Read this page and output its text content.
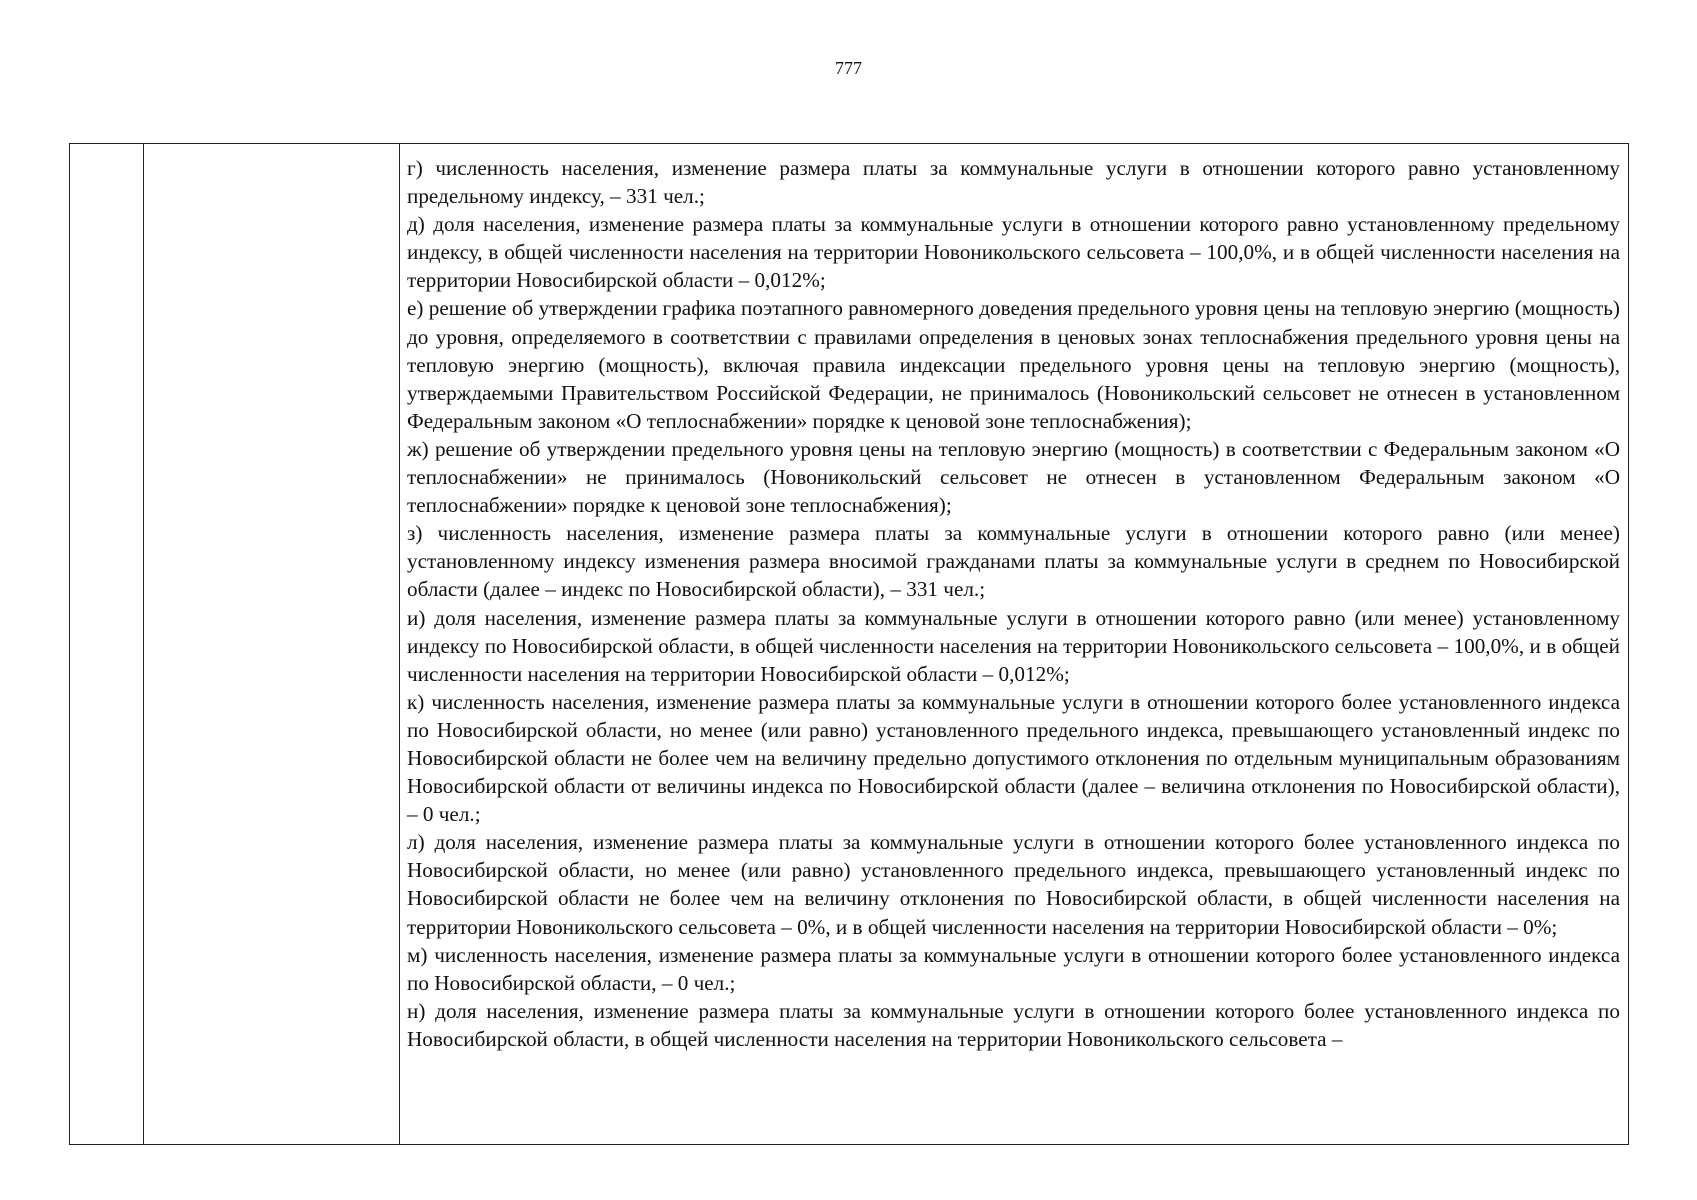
777

г) численность населения, изменение размера платы за коммунальные услуги в отношении которого равно установленному предельному индексу, – 331 чел.;

д) доля населения, изменение размера платы за коммунальные услуги в отношении которого равно установленному предельному индексу, в общей численности населения на территории Новоникольского сельсовета – 100,0%, и в общей численности населения на территории Новосибирской области – 0,012%;

е) решение об утверждении графика поэтапного равномерного доведения предельного уровня цены на тепловую энергию (мощность) до уровня, определяемого в соответствии с правилами определения в ценовых зонах теплоснабжения предельного уровня цены на тепловую энергию (мощность), включая правила индексации предельного уровня цены на тепловую энергию (мощность), утверждаемыми Правительством Российской Федерации, не принималось (Новоникольский сельсовет не отнесен в установленном Федеральным законом «О теплоснабжении» порядке к ценовой зоне теплоснабжения);

ж) решение об утверждении предельного уровня цены на тепловую энергию (мощность) в соответствии с Федеральным законом «О теплоснабжении» не принималось (Новоникольский сельсовет не отнесен в установленном Федеральным законом «О теплоснабжении» порядке к ценовой зоне теплоснабжения);

з) численность населения, изменение размера платы за коммунальные услуги в отношении которого равно (или менее) установленному индексу изменения размера вносимой гражданами платы за коммунальные услуги в среднем по Новосибирской области (далее – индекс по Новосибирской области), – 331 чел.;

и) доля населения, изменение размера платы за коммунальные услуги в отношении которого равно (или менее) установленному индексу по Новосибирской области, в общей численности населения на территории Новоникольского сельсовета – 100,0%, и в общей численности населения на территории Новосибирской области – 0,012%;

к) численность населения, изменение размера платы за коммунальные услуги в отношении которого более установленного индекса по Новосибирской области, но менее (или равно) установленного предельного индекса, превышающего установленный индекс по Новосибирской области не более чем на величину предельно допустимого отклонения по отдельным муниципальным образованиям Новосибирской области от величины индекса по Новосибирской области (далее – величина отклонения по Новосибирской области), – 0 чел.;

л) доля населения, изменение размера платы за коммунальные услуги в отношении которого более установленного индекса по Новосибирской области, но менее (или равно) установленного предельного индекса, превышающего установленный индекс по Новосибирской области не более чем на величину отклонения по Новосибирской области, в общей численности населения на территории Новоникольского сельсовета – 0%, и в общей численности населения на территории Новосибирской области – 0%;

м) численность населения, изменение размера платы за коммунальные услуги в отношении которого более установленного индекса по Новосибирской области, – 0 чел.;

н) доля населения, изменение размера платы за коммунальные услуги в отношении которого более установленного индекса по Новосибирской области, в общей численности населения на территории Новоникольского сельсовета –
